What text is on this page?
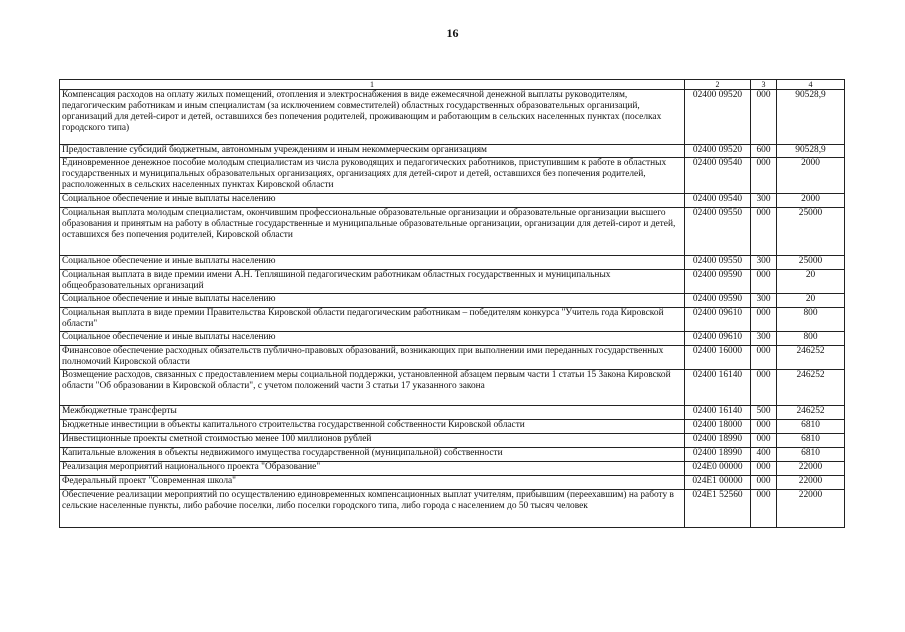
16
1	2	3	4
Компенсация расходов на оплату жилых помещений, отопления и электроснабжения в виде ежемесячной денежной выплаты руководителям, педагогическим работникам и иным специалистам (за исключением совместителей) областных государственных образовательных организаций, организаций для детей-сирот и детей, оставшихся без попечения родителей, проживающим и работающим в сельских населенных пунктах (поселках городского типа)	02400 09520	000	90528,9
Предоставление субсидий бюджетным, автономным учреждениям и иным некоммерческим организациям	02400 09520	600	90528,9
Единовременное денежное пособие молодым специалистам из числа руководящих и педагогических работников, приступившим к работе в областных государственных и муниципальных образовательных организациях, организациях для детей-сирот и детей, оставшихся без попечения родителей, расположенных в сельских населенных пунктах Кировской области	02400 09540	000	2000
Социальное обеспечение и иные выплаты населению	02400 09540	300	2000
Социальная выплата молодым специалистам, окончившим профессиональные образовательные организации и образовательные организации высшего образования и принятым на работу в областные государственные и муниципальные образовательные организации, организации для детей-сирот и детей, оставшихся без попечения родителей, Кировской области	02400 09550	000	25000
Социальное обеспечение и иные выплаты населению	02400 09550	300	25000
Социальная выплата в виде премии имени А.Н. Тепляшиной педагогическим работникам областных государственных и муниципальных общеобразовательных организаций	02400 09590	000	20
Социальное обеспечение и иные выплаты населению	02400 09590	300	20
Социальная выплата в виде премии Правительства Кировской области педагогическим работникам – победителям конкурса "Учитель года Кировской области"	02400 09610	000	800
Социальное обеспечение и иные выплаты населению	02400 09610	300	800
Финансовое обеспечение расходных обязательств публично-правовых образований, возникающих при выполнении ими переданных государственных полномочий Кировской области	02400 16000	000	246252
Возмещение расходов, связанных с предоставлением меры социальной поддержки, установленной абзацем первым части 1 статьи 15 Закона Кировской области "Об образовании в Кировской области", с учетом положений части 3 статьи 17 указанного закона	02400 16140	000	246252
Межбюджетные трансферты	02400 16140	500	246252
Бюджетные инвестиции в объекты капитального строительства государственной собственности Кировской области	02400 18000	000	6810
Инвестиционные проекты сметной стоимостью менее 100 миллионов рублей	02400 18990	000	6810
Капитальные вложения в объекты недвижимого имущества государственной (муниципальной) собственности	02400 18990	400	6810
Реализация мероприятий национального проекта "Образование"	024E0 00000	000	22000
Федеральный проект "Современная школа"	024E1 00000	000	22000
Обеспечение реализации мероприятий по осуществлению единовременных компенсационных выплат учителям, прибывшим (переехавшим) на работу в сельские населенные пункты, либо рабочие поселки, либо поселки городского типа, либо города с населением до 50 тысяч человек	024E1 52560	000	22000
